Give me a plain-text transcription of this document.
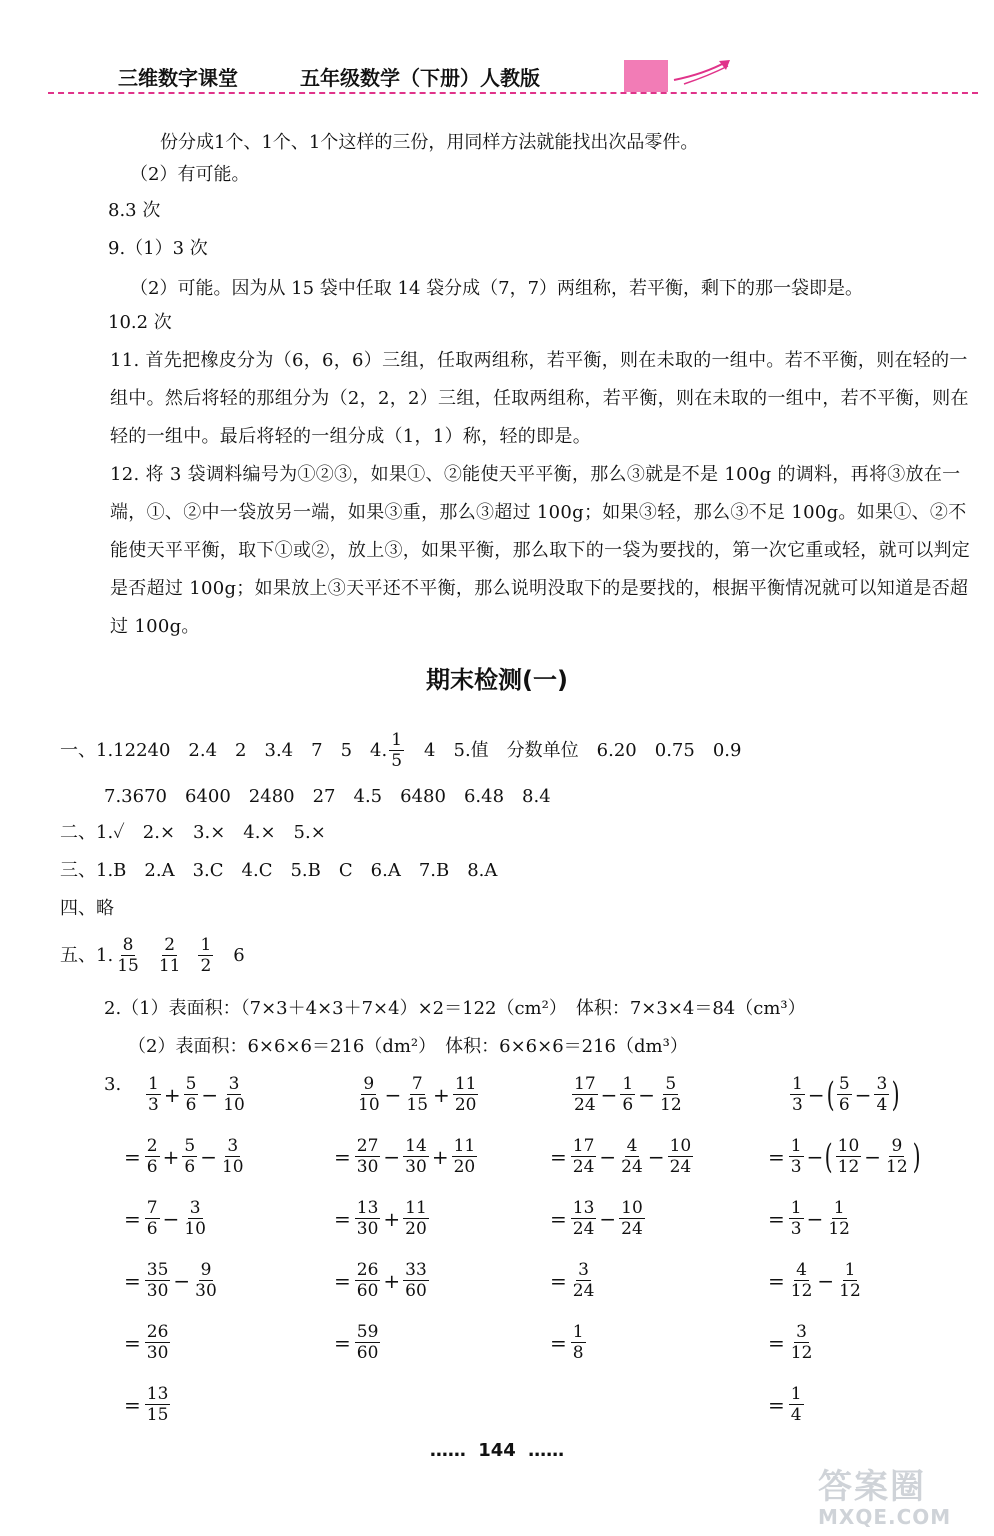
三维数字课堂	五年级数学（下册）人教版
份分成1个、1个、1个这样的三份，用同样方法就能找出次品零件。
（2）有可能。
8.3 次
9.（1）3 次
（2）可能。因为从 15 袋中任取 14 袋分成（7，7）两组称，若平衡，剩下的那一袋即是。
10.2 次
11. 首先把橡皮分为（6，6，6）三组，任取两组称，若平衡，则在未取的一组中。若不平衡，则在轻的一组中。然后将轻的那组分为（2，2，2）三组，任取两组称，若平衡，则在未取的一组中，若不平衡，则在轻的一组中。最后将轻的一组分成（1，1）称，轻的即是。
12. 将 3 袋调料编号为①②③，如果①、②能使天平平衡，那么③就是不是 100g 的调料，再将③放在一端，①、②中一袋放另一端，如果③重，那么③超过 100g；如果③轻，那么③不足 100g。如果①、②不能使天平平衡，取下①或②，放上③，如果平衡，那么取下的一袋为要找的，第一次它重或轻，就可以判定是否超过 100g；如果放上③天平还不平衡，那么说明没取下的是要找的，根据平衡情况就可以知道是否超过 100g。
期末检测(一)
一、1.12240　2.4　2　3.4　7　5　4. $\frac{1}{5}$ 　4　5.值　分数单位　6.20　0.75　0.9
7.3670　6400　2480　27　4.5　6480　6.48　8.4
二、1.✓　2.×　3.×　4.×　5.×
三、1.B　2.A　3.C　4.C　5.B　C　6.A　7.B　8.A
四、略
五、1. $\frac{8}{15} \frac{2}{11} \frac{1}{2} 6$
2.（1）表面积：（7×3＋4×3＋7×4）×2＝122（cm²）　体积：7×3×4＝84（cm³）
（2）表面积：6×6×6＝216（dm²）　体积：6×6×6＝216（dm³）
3. $\frac{1}{3} + \frac{5}{6} - \frac{3}{10}$
= $\frac{2}{6} + \frac{5}{6} - \frac{3}{10}$
= $\frac{7}{6} - \frac{3}{10}$
= $\frac{35}{30} - \frac{9}{30}$
= $\frac{26}{30}$
= $\frac{13}{15}$
$\frac{9}{10} - \frac{7}{15} + \frac{11}{20}$
= $\frac{27}{30} - \frac{14}{30} + \frac{11}{20}$
= $\frac{13}{30} + \frac{11}{20}$
= $\frac{26}{60} + \frac{33}{60}$
= $\frac{59}{60}$
$\frac{17}{24} - \frac{1}{6} - \frac{5}{12}$
= $\frac{17}{24} - \frac{4}{24} - \frac{10}{24}$
= $\frac{13}{24} - \frac{10}{24}$
= $\frac{3}{24}$
= $\frac{1}{8}$
$\frac{1}{3}$ − ( $\frac{5}{6} - \frac{3}{4}$ )
= $\frac{1}{3}$ − ( $\frac{10}{12} - \frac{9}{12}$ )
= $\frac{1}{3} - \frac{1}{12}$
= $\frac{4}{12} - \frac{1}{12}$
= $\frac{3}{12}$
= $\frac{1}{4}$
…… 144 ……
答案圈
MXQE.COM
